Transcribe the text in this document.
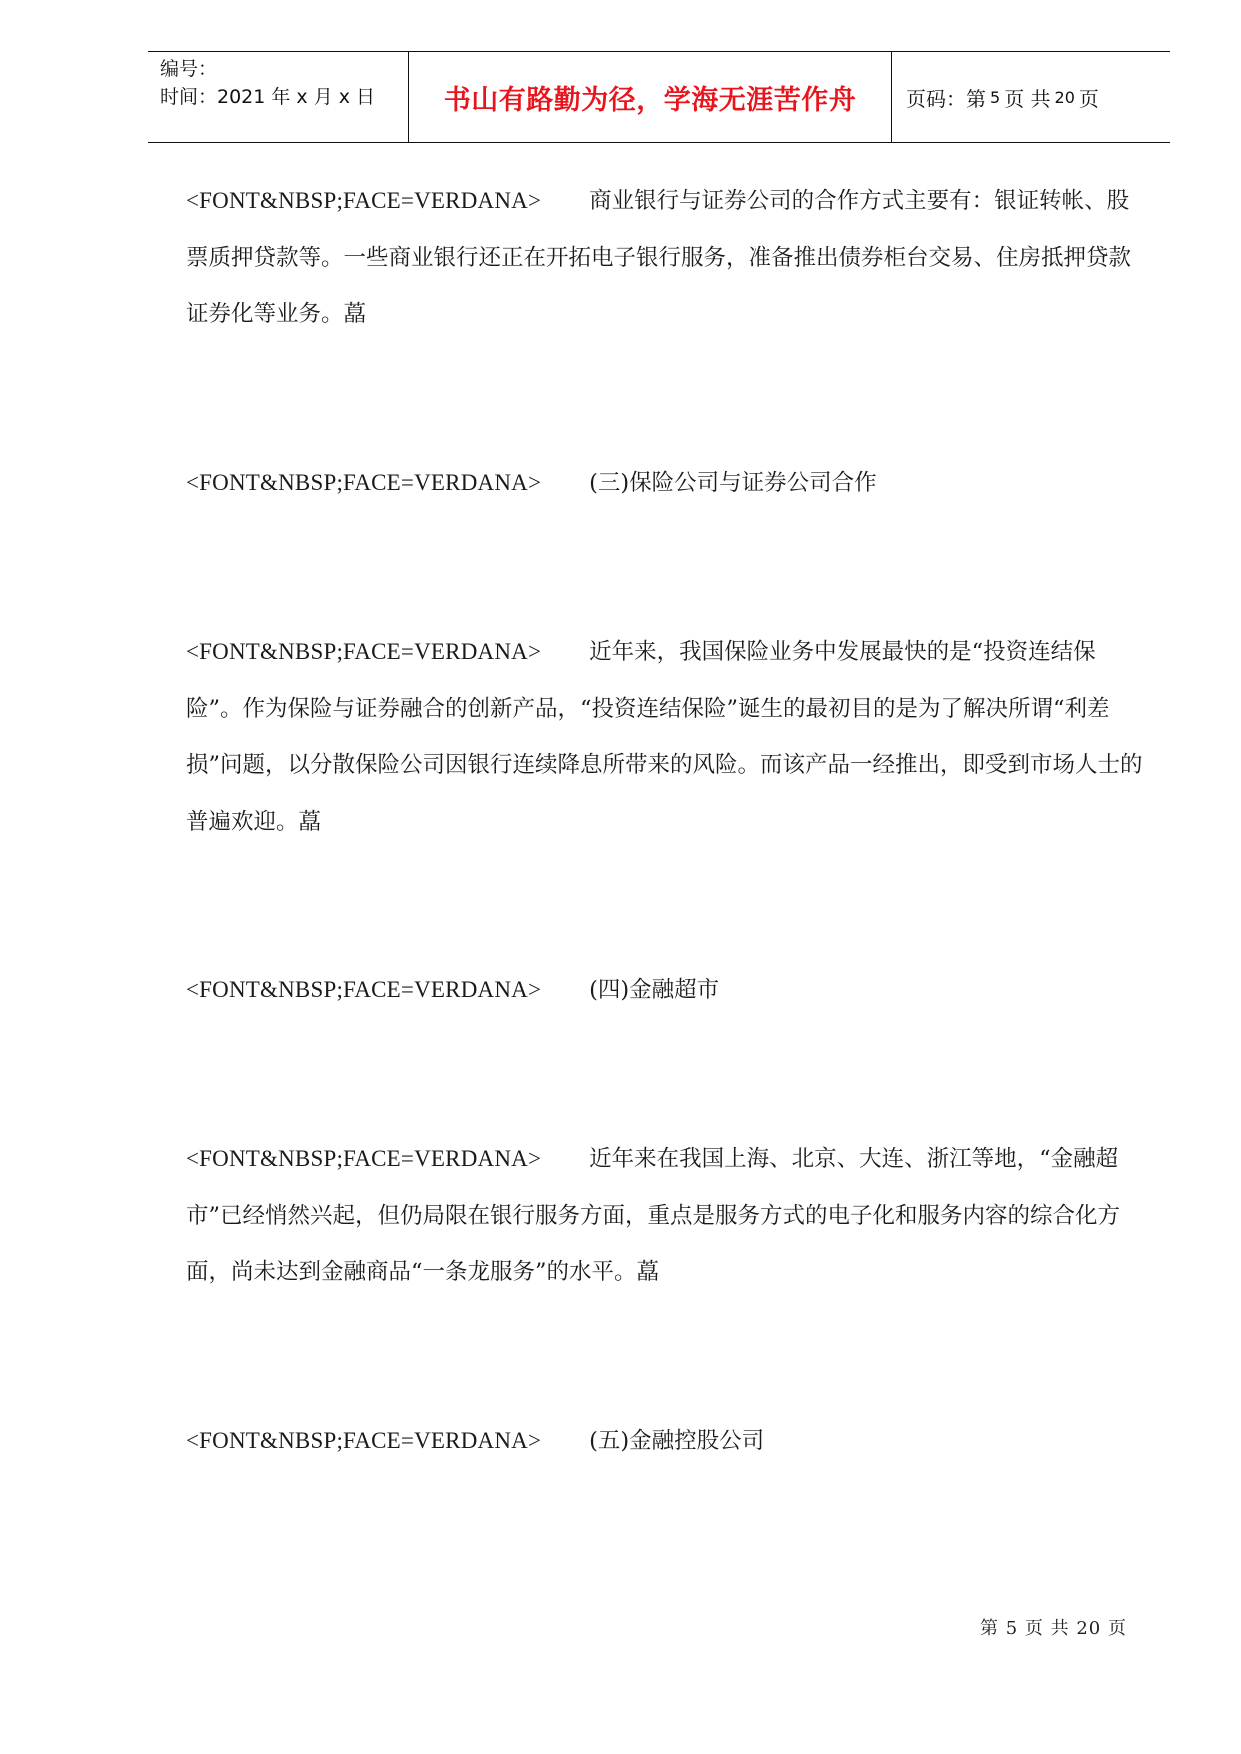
编号：
时间：2021 年 x 月 x 日	书山有路勤为径，学海无涯苦作舟	页码：第 5 页 共 20 页
<FONT&NBSP;FACE=VERDANA> 商业银行与证券公司的合作方式主要有：银证转帐、股票质押贷款等。一些商业银行还正在开拓电子银行服务，准备推出债券柜台交易、住房抵押贷款证券化等业务。藠
<FONT&NBSP;FACE=VERDANA> (三)保险公司与证券公司合作
<FONT&NBSP;FACE=VERDANA> 近年来，我国保险业务中发展最快的是“投资连结保险”。作为保险与证券融合的创新产品，“投资连结保险”诞生的最初目的是为了解决所谓“利差损”问题，以分散保险公司因银行连续降息所带来的风险。而该产品一经推出，即受到市场人士的普遍欢迎。藠
<FONT&NBSP;FACE=VERDANA> (四)金融超市
<FONT&NBSP;FACE=VERDANA> 近年来在我国上海、北京、大连、浙江等地，“金融超市”已经悄然兴起，但仍局限在银行服务方面，重点是服务方式的电子化和服务内容的综合化方面，尚未达到金融商品“一条龙服务”的水平。藠
<FONT&NBSP;FACE=VERDANA> (五)金融控股公司
第 5 页 共 20 页
